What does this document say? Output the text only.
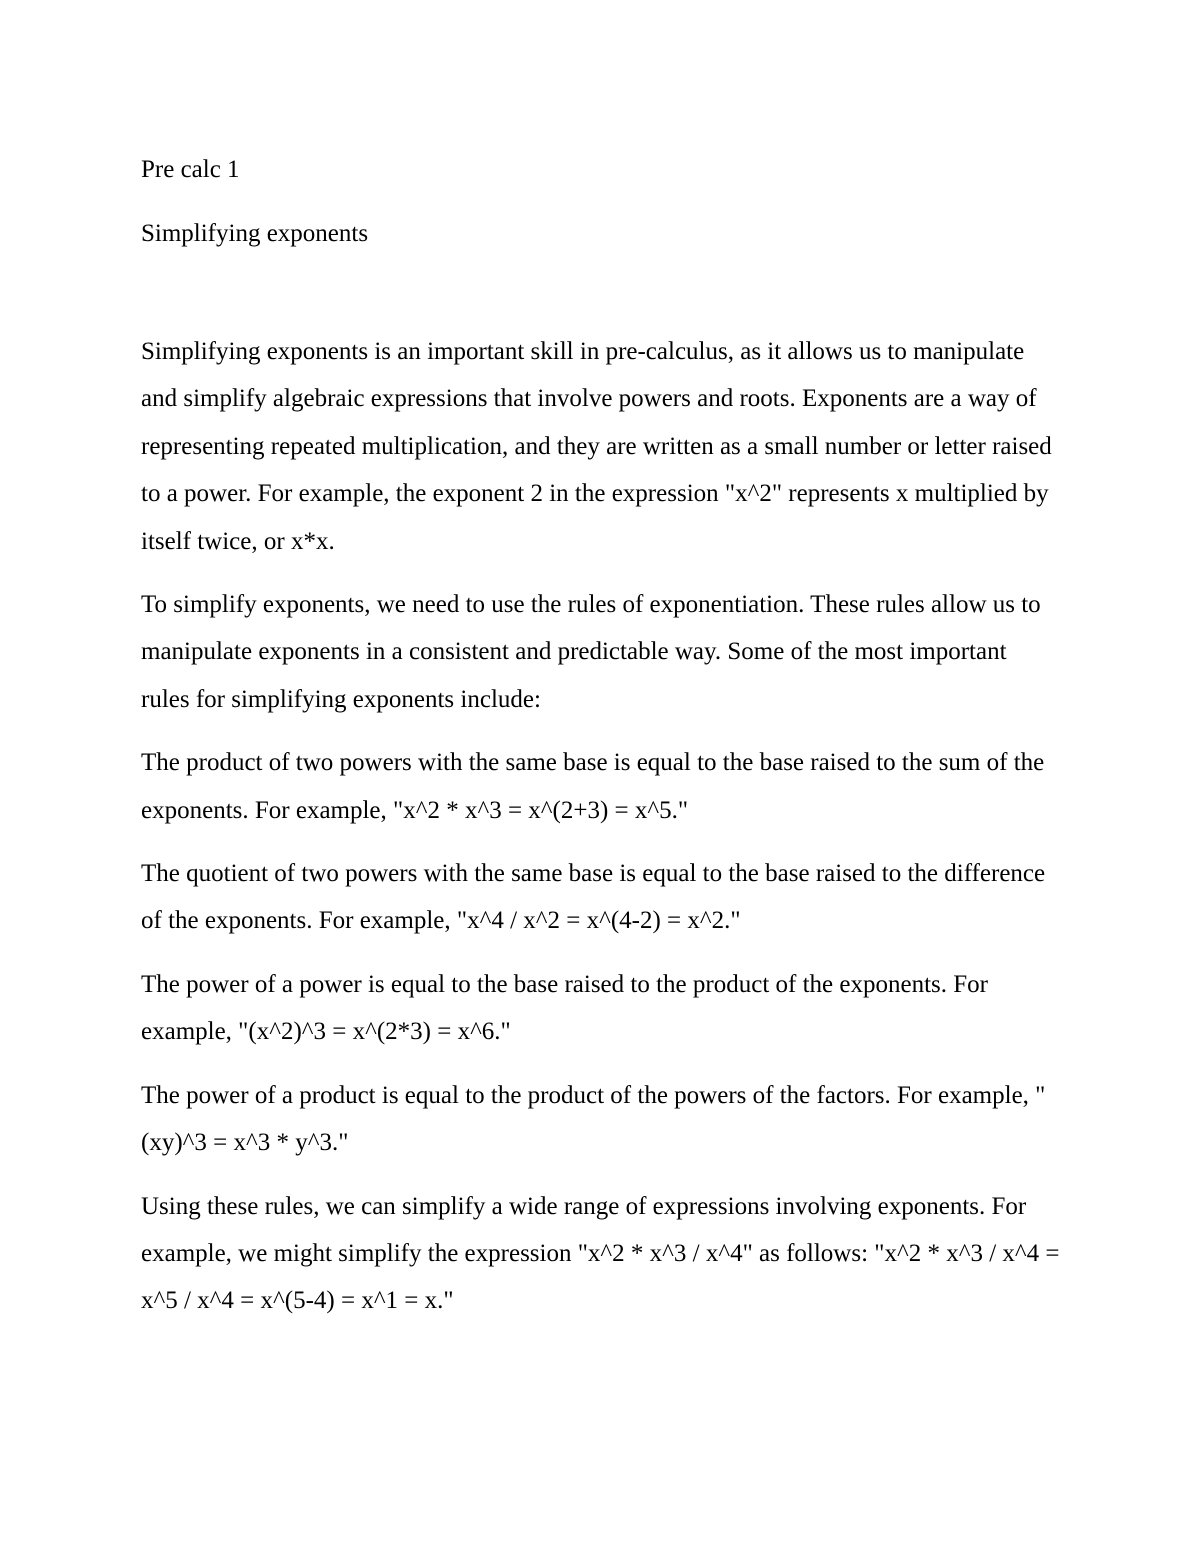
Pre calc 1

Simplifying exponents

Simplifying exponents is an important skill in pre-calculus, as it allows us to manipulate and simplify algebraic expressions that involve powers and roots. Exponents are a way of representing repeated multiplication, and they are written as a small number or letter raised to a power. For example, the exponent 2 in the expression "x^2" represents x multiplied by itself twice, or x*x.

To simplify exponents, we need to use the rules of exponentiation. These rules allow us to manipulate exponents in a consistent and predictable way. Some of the most important rules for simplifying exponents include:

The product of two powers with the same base is equal to the base raised to the sum of the exponents. For example, "x^2 * x^3 = x^(2+3) = x^5."

The quotient of two powers with the same base is equal to the base raised to the difference of the exponents. For example, "x^4 / x^2 = x^(4-2) = x^2."

The power of a power is equal to the base raised to the product of the exponents. For example, "(x^2)^3 = x^(2*3) = x^6."

The power of a product is equal to the product of the powers of the factors. For example, "(xy)^3 = x^3 * y^3."

Using these rules, we can simplify a wide range of expressions involving exponents. For example, we might simplify the expression "x^2 * x^3 / x^4" as follows: "x^2 * x^3 / x^4 = x^5 / x^4 = x^(5-4) = x^1 = x."
